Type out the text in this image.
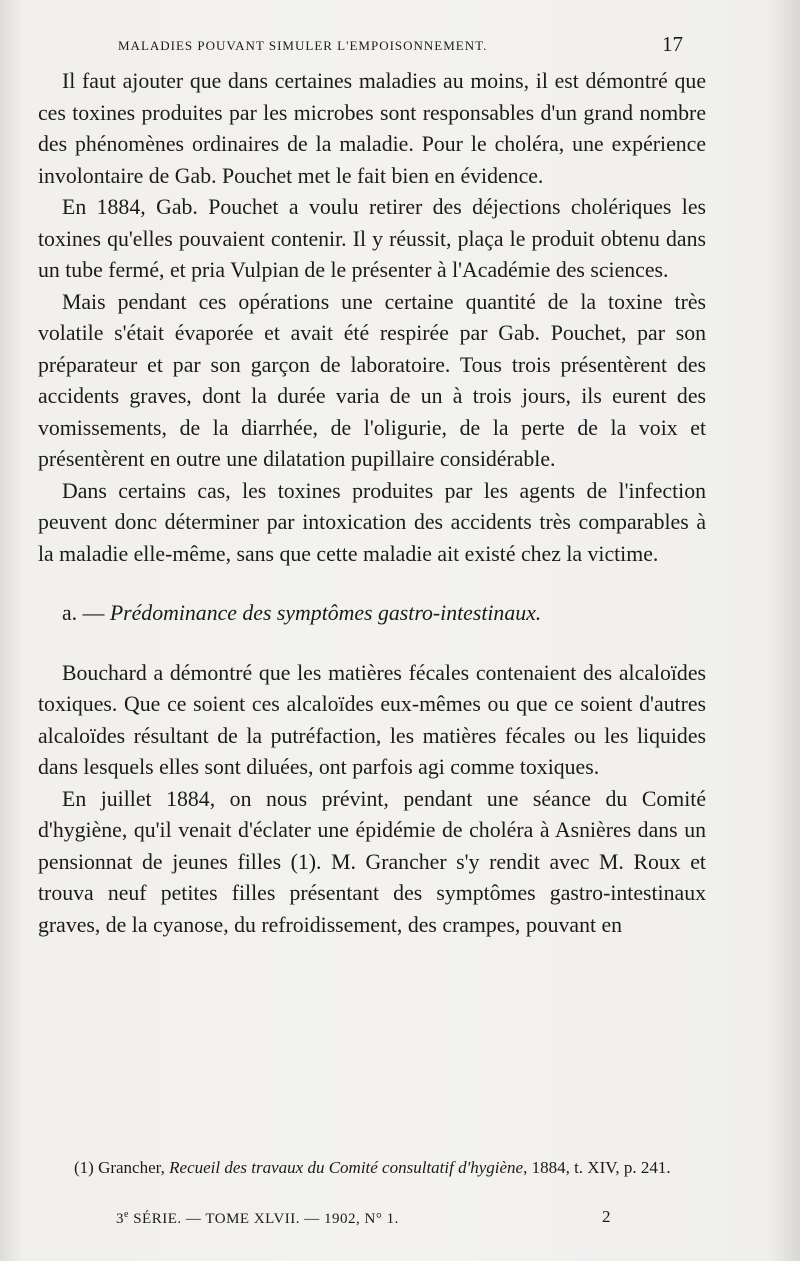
MALADIES POUVANT SIMULER L'EMPOISONNEMENT.	17

Il faut ajouter que dans certaines maladies au moins, il est démontré que ces toxines produites par les microbes sont responsables d'un grand nombre des phénomènes ordinaires de la maladie. Pour le choléra, une expérience involontaire de Gab. Pouchet met le fait bien en évidence.

En 1884, Gab. Pouchet a voulu retirer des déjections cholériques les toxines qu'elles pouvaient contenir. Il y réussit, plaça le produit obtenu dans un tube fermé, et pria Vulpian de le présenter à l'Académie des sciences.

Mais pendant ces opérations une certaine quantité de la toxine très volatile s'était évaporée et avait été respirée par Gab. Pouchet, par son préparateur et par son garçon de laboratoire. Tous trois présentèrent des accidents graves, dont la durée varia de un à trois jours, ils eurent des vomissements, de la diarrhée, de l'oligurie, de la perte de la voix et présentèrent en outre une dilatation pupillaire considérable.

Dans certains cas, les toxines produites par les agents de l'infection peuvent donc déterminer par intoxication des accidents très comparables à la maladie elle-même, sans que cette maladie ait existé chez la victime.

a. — Prédominance des symptômes gastro-intestinaux.

Bouchard a démontré que les matières fécales contenaient des alcaloïdes toxiques. Que ce soient ces alcaloïdes eux-mêmes ou que ce soient d'autres alcaloïdes résultant de la putréfaction, les matières fécales ou les liquides dans lesquels elles sont diluées, ont parfois agi comme toxiques.

En juillet 1884, on nous prévint, pendant une séance du Comité d'hygiène, qu'il venait d'éclater une épidémie de choléra à Asnières dans un pensionnat de jeunes filles (1). M. Grancher s'y rendit avec M. Roux et trouva neuf petites filles présentant des symptômes gastro-intestinaux graves, de la cyanose, du refroidissement, des crampes, pouvant en

(1) Grancher, Recueil des travaux du Comité consultatif d'hygiène, 1884, t. XIV, p. 241.
3e SÉRIE. — TOME XLVII. — 1902, N° 1.	2
